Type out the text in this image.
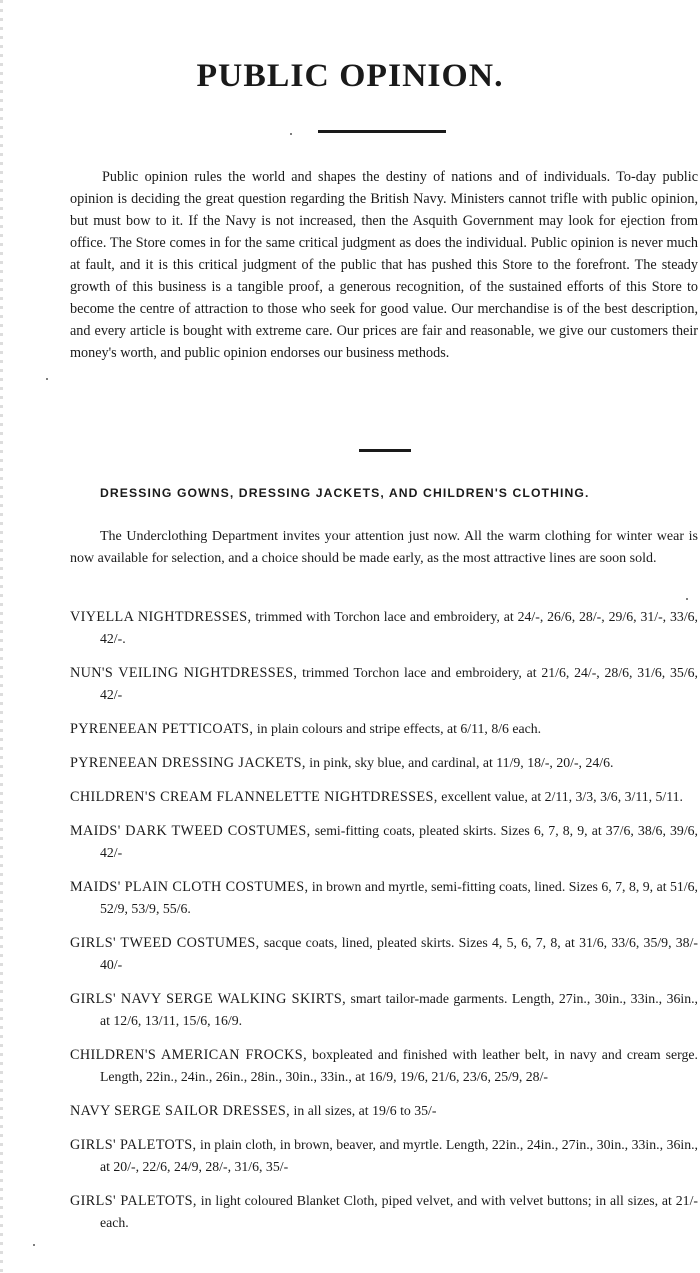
PUBLIC OPINION.

Public opinion rules the world and shapes the destiny of nations and of individuals. To-day public opinion is deciding the great question regarding the British Navy. Ministers cannot trifle with public opinion, but must bow to it. If the Navy is not increased, then the Asquith Government may look for ejection from office. The Store comes in for the same critical judgment as does the individual. Public opinion is never much at fault, and it is this critical judgment of the public that has pushed this Store to the forefront. The steady growth of this business is a tangible proof, a generous recognition, of the sustained efforts of this Store to become the centre of attraction to those who seek for good value. Our merchandise is of the best description, and every article is bought with extreme care. Our prices are fair and reasonable, we give our customers their money's worth, and public opinion endorses our business methods.

DRESSING GOWNS, DRESSING JACKETS, AND CHILDREN'S CLOTHING.

The Underclothing Department invites your attention just now. All the warm clothing for winter wear is now available for selection, and a choice should be made early, as the most attractive lines are soon sold.

VIYELLA NIGHTDRESSES, trimmed with Torchon lace and embroidery, at 24/-, 26/6, 28/-, 29/6, 31/-, 33/6, 42/-.

NUN'S VEILING NIGHTDRESSES, trimmed Torchon lace and embroidery, at 21/6, 24/-, 28/6, 31/6, 35/6, 42/-

PYRENEEAN PETTICOATS, in plain colours and stripe effects, at 6/11, 8/6 each.

PYRENEEAN DRESSING JACKETS, in pink, sky blue, and cardinal, at 11/9, 18/-, 20/-, 24/6.

CHILDREN'S CREAM FLANNELETTE NIGHTDRESSES, excellent value, at 2/11, 3/3, 3/6, 3/11, 5/11.

MAIDS' DARK TWEED COSTUMES, semi-fitting coats, pleated skirts. Sizes 6, 7, 8, 9, at 37/6, 38/6, 39/6, 42/-

MAIDS' PLAIN CLOTH COSTUMES, in brown and myrtle, semi-fitting coats, lined. Sizes 6, 7, 8, 9, at 51/6, 52/9, 53/9, 55/6.

GIRLS' TWEED COSTUMES, sacque coats, lined, pleated skirts. Sizes 4, 5, 6, 7, 8, at 31/6, 33/6, 35/9, 38/- 40/-

GIRLS' NAVY SERGE WALKING SKIRTS, smart tailor-made garments. Length, 27in., 30in., 33in., 36in., at 12/6, 13/11, 15/6, 16/9.

CHILDREN'S AMERICAN FROCKS, boxpleated and finished with leather belt, in navy and cream serge. Length, 22in., 24in., 26in., 28in., 30in., 33in., at 16/9, 19/6, 21/6, 23/6, 25/9, 28/-

NAVY SERGE SAILOR DRESSES, in all sizes, at 19/6 to 35/-

GIRLS' PALETOTS, in plain cloth, in brown, beaver, and myrtle. Length, 22in., 24in., 27in., 30in., 33in., 36in., at 20/-, 22/6, 24/9, 28/-, 31/6, 35/-

GIRLS' PALETOTS, in light coloured Blanket Cloth, piped velvet, and with velvet buttons; in all sizes, at 21/- each.
